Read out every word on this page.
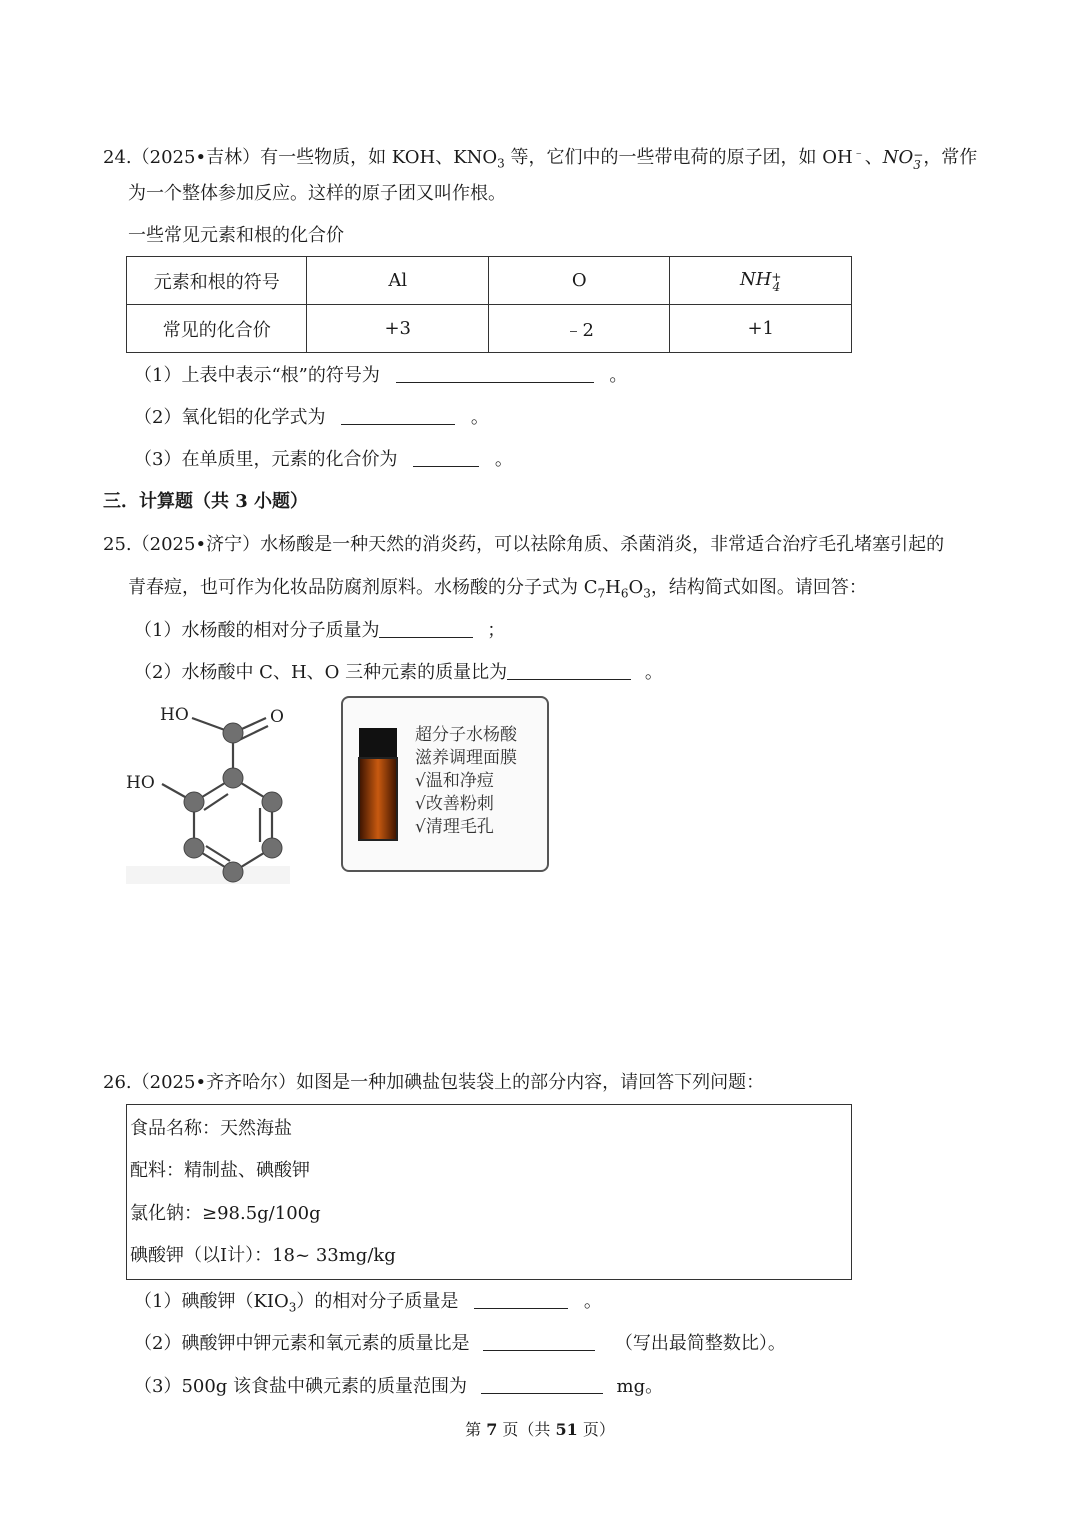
24.（2025•吉林）有一些物质，如 KOH、$KNO_3$ 等，它们中的一些带电荷的原子团，如 OH﹣、NO −
3 ，常作
为一个整体参加反应。这样的原子团又叫作根。
一些常见元素和根的化合价
元素和根的符号	Al	O	NH +
4

常见的化合价	+3	﹣2	+1
（1）上表中表示“根”的符号为	。
（2）氧化铝的化学式为	。
（3）在单质里，元素的化合价为	。
三．计算题（共 3 小题）
25.（2025•济宁）水杨酸是一种天然的消炎药，可以祛除角质、杀菌消炎，非常适合治疗毛孔堵塞引起的
青春痘，也可作为化妆品防腐剂原料。水杨酸的分子式为 $C_7H_6O_3$，结构简式如图。请回答：
（1）水杨酸的相对分子质量为	；
（2）水杨酸中 C、H、O 三种元素的质量比为	。
HO	O
HO
超分子水杨酸
滋养调理面膜
√温和净痘
√改善粉刺
√清理毛孔
26.（2025•齐齐哈尔）如图是一种加碘盐包装袋上的部分内容，请回答下列问题：
食品名称：天然海盐
配料：精制盐、碘酸钾
氯化钠：≥98.5g/100g
碘酸钾（以I计）：18~ 33mg/kg
（1）碘酸钾$(KIO_3)$的相对分子质量是	。
（2）碘酸钾中钾元素和氧元素的质量比是	（写出最简整数比）。
（3）500g 该食盐中碘元素的质量范围为	mg。
第 7 页（共 51 页）
